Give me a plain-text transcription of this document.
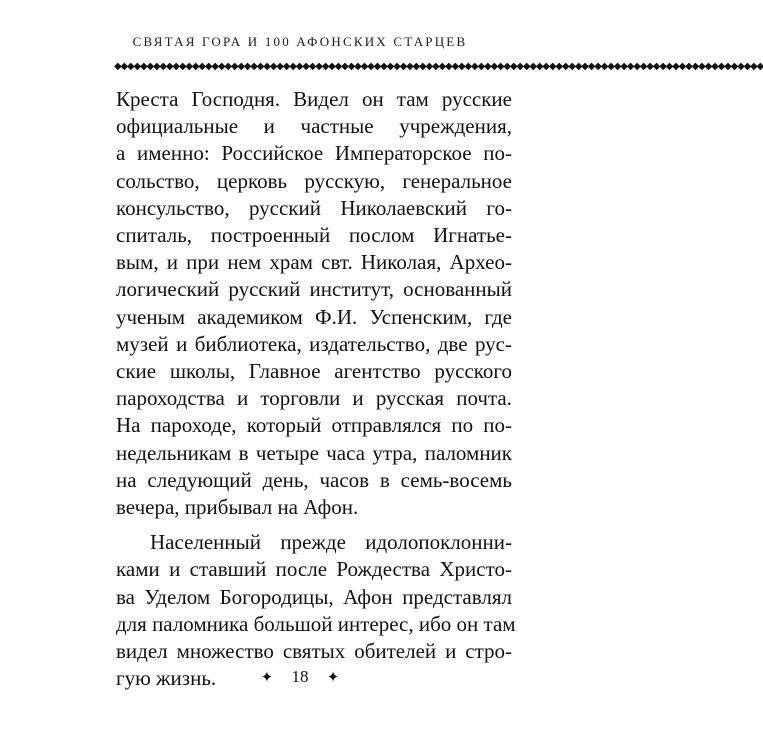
СВЯТАЯ ГОРА И 100 АФОНСКИХ СТАРЦЕВ
◆◆◆◆◆◆◆◆◆◆◆◆◆◆◆◆◆◆◆◆◆◆◆◆◆◆◆◆◆◆◆◆◆◆◆◆◆◆◆◆◆◆◆◆◆◆◆◆◆◆◆◆◆◆◆◆◆◆◆◆◆◆◆◆◆◆◆◆◆◆◆◆◆◆◆◆◆◆◆◆◆◆◆◆◆◆◆◆◆◆◆◆◆◆◆◆◆◆◆◆
Креста Господня. Видел он там русские
официальные и частные учреждения,
а именно: Российское Императорское по-
сольство, церковь русскую, генеральное
консульство, русский Николаевский го-
спиталь, построенный послом Игнатье-
вым, и при нем храм свт. Николая, Архео-
логический русский институт, основанный
ученым академиком Ф.И. Успенским, где
музей и библиотека, издательство, две рус-
ские школы, Главное агентство русского
пароходства и торговли и русская почта.
На пароходе, который отправлялся по по-
недельникам в четыре часа утра, паломник
на следующий день, часов в семь-восемь
вечера, прибывал на Афон.
Населенный прежде идолопоклонни-
ками и ставший после Рождества Христо-
ва Уделом Богородицы, Афон представлял
для паломника большой интерес, ибо он там
видел множество святых обителей и стро-
гую жизнь.	✦ 18 ✦
